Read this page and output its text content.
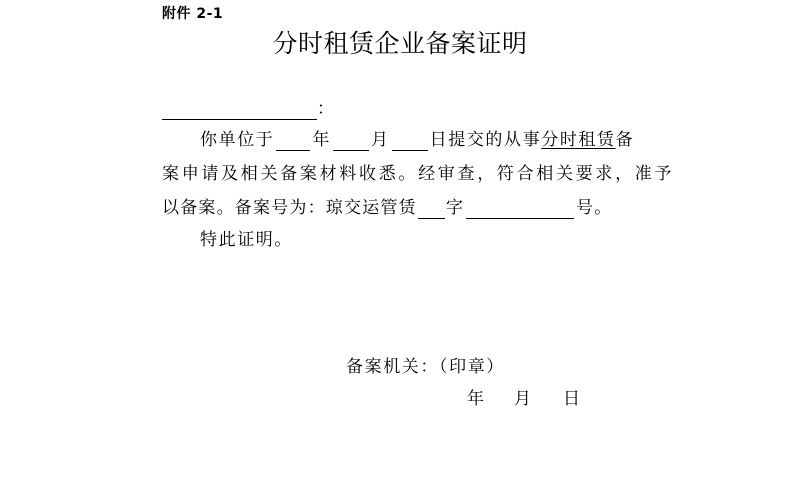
附件 2-1
分时租赁企业备案证明
：
你单位于 年 月 日提交的从事分时租赁备
案申请及相关备案材料收悉。经审查，符合相关要求，准予
以备案。备案号为：琼交运管赁 字	号。
特此证明。
备案机关：（印章）
年 月 日
